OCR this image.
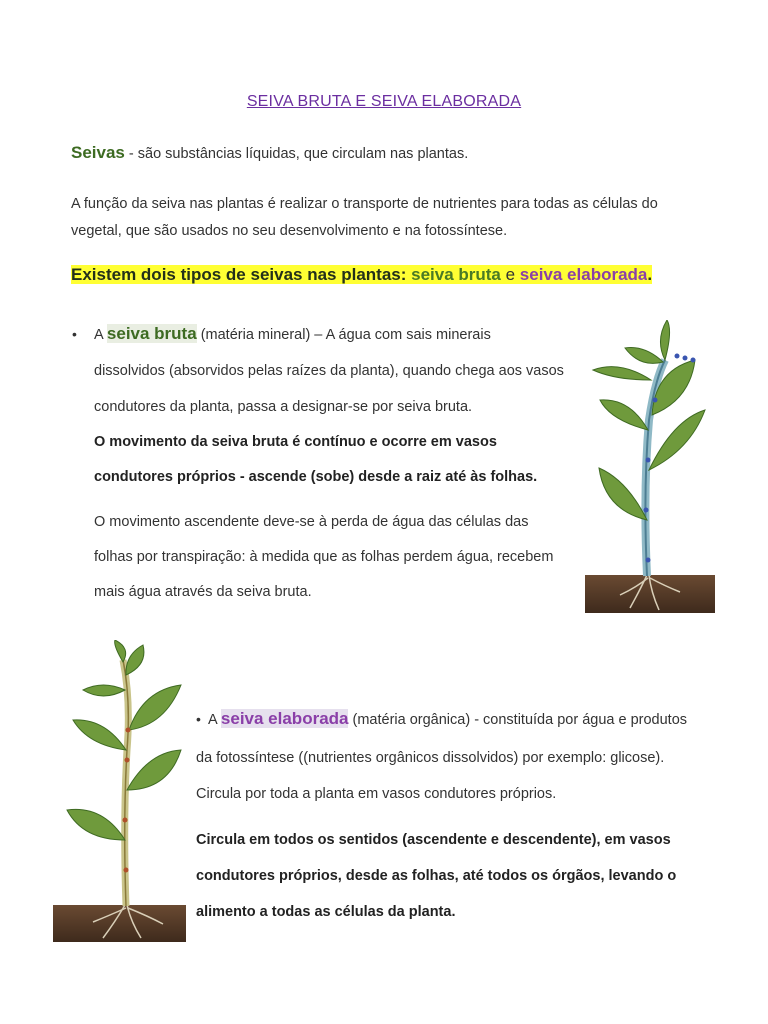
SEIVA BRUTA E SEIVA ELABORADA
Seivas - são substâncias líquidas, que circulam nas plantas.
A função da seiva nas plantas é realizar o transporte de nutrientes para todas as células do vegetal, que são usados no seu desenvolvimento e na fotossíntese.
Existem dois tipos de seivas nas plantas: seiva bruta e seiva elaborada.
• A seiva bruta (matéria mineral) – A água com sais minerais
dissolvidos (absorvidos pelas raízes da planta), quando chega aos vasos
condutores da planta, passa a designar-se por seiva bruta.
O movimento da seiva bruta é contínuo e ocorre em vasos
condutores próprios - ascende (sobe) desde a raiz até às folhas.
O movimento ascendente deve-se à perda de água das células das
folhas por transpiração: à medida que as folhas perdem água, recebem
mais água através da seiva bruta.
• A seiva elaborada (matéria orgânica) - constituída por água e produtos
da fotossíntese ((nutrientes orgânicos dissolvidos) por exemplo: glicose).
Circula por toda a planta em vasos condutores próprios.
Circula em todos os sentidos (ascendente e descendente), em vasos
condutores próprios, desde as folhas, até todos os órgãos, levando o
alimento a todas as células da planta.
